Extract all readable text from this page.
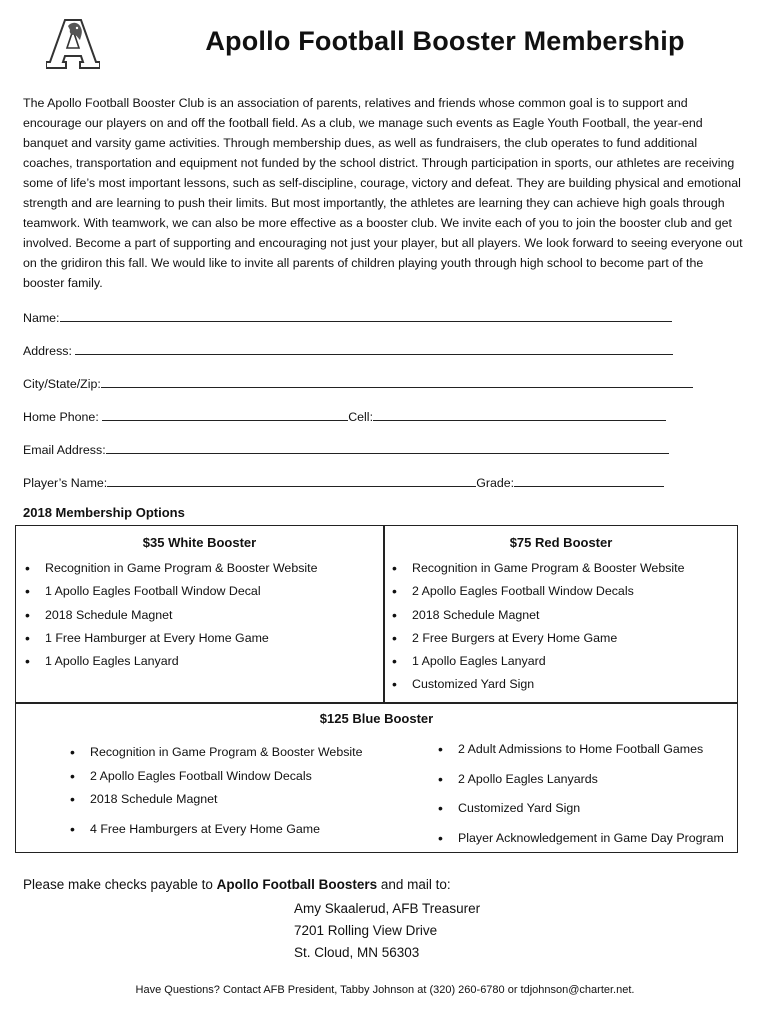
Apollo Football Booster Membership
The Apollo Football Booster Club is an association of parents, relatives and friends whose common goal is to support and encourage our players on and off the football field. As a club, we manage such events as Eagle Youth Football, the year-end banquet and varsity game activities. Through membership dues, as well as fundraisers, the club operates to fund additional coaches, transportation and equipment not funded by the school district. Through participation in sports, our athletes are receiving some of life’s most important lessons, such as self-discipline, courage, victory and defeat. They are building physical and emotional strength and are learning to push their limits. But most importantly, the athletes are learning they can achieve high goals through teamwork. With teamwork, we can also be more effective as a booster club. We invite each of you to join the booster club and get involved. Become a part of supporting and encouraging not just your player, but all players. We look forward to seeing everyone out on the gridiron this fall. We would like to invite all parents of children playing youth through high school to become part of the booster family.
Name:
Address:
City/State/Zip:
Home Phone:	Cell:
Email Address:
Player’s Name:	Grade:
2018 Membership Options
$35 White Booster
• Recognition in Game Program & Booster Website
• 1 Apollo Eagles Football Window Decal
• 2018 Schedule Magnet
• 1 Free Hamburger at Every Home Game
• 1 Apollo Eagles Lanyard
$75 Red Booster
• Recognition in Game Program & Booster Website
• 2 Apollo Eagles Football Window Decals
• 2018 Schedule Magnet
• 2 Free Burgers at Every Home Game
• 1 Apollo Eagles Lanyard
• Customized Yard Sign
$125 Blue Booster
• Recognition in Game Program & Booster Website
• 2 Apollo Eagles Football Window Decals
• 2018 Schedule Magnet
• 4 Free Hamburgers at Every Home Game
• 2 Adult Admissions to Home Football Games
• 2 Apollo Eagles Lanyards
• Customized Yard Sign
• Player Acknowledgement in Game Day Program
Please make checks payable to Apollo Football Boosters and mail to:
Amy Skaalerud, AFB Treasurer
7201 Rolling View Drive
St. Cloud, MN 56303
Have Questions? Contact AFB President, Tabby Johnson at (320) 260-6780 or tdjohnson@charter.net.
